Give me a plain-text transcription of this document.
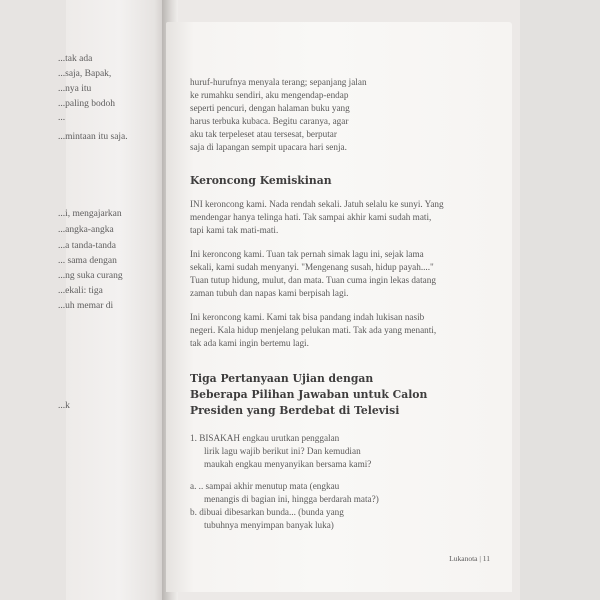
...tak ada
...saja, Bapak,
...nya itu
...paling bodoh
...
...mintaan itu saja.
...i, mengajarkan
...angka-angka
...a tanda-tanda
... sama dengan
...ng suka curang
...ekali: tiga
...uh memar di
...k
huruf-hurufnya menyala terang; sepanjang jalan
ke rumahku sendiri, aku mengendap-endap
seperti pencuri, dengan halaman buku yang
harus terbuka kubaca. Begitu caranya, agar
aku tak terpeleset atau tersesat, berputar
saja di lapangan sempit upacara hari senja.
Keroncong Kemiskinan
INI keroncong kami. Nada rendah sekali. Jatuh selalu ke sunyi. Yang
mendengar hanya telinga hati. Tak sampai akhir kami sudah mati,
tapi kami tak mati-mati.
Ini keroncong kami. Tuan tak pernah simak lagu ini, sejak lama
sekali, kami sudah menyanyi. "Mengenang susah, hidup payah...."
Tuan tutup hidung, mulut, dan mata. Tuan cuma ingin lekas datang
zaman tubuh dan napas kami berpisah lagi.
Ini keroncong kami. Kami tak bisa pandang indah lukisan nasib
negeri. Kala hidup menjelang pelukan mati. Tak ada yang menanti,
tak ada kami ingin bertemu lagi.
Tiga Pertanyaan Ujian dengan
Beberapa Pilihan Jawaban untuk Calon
Presiden yang Berdebat di Televisi
1. BISAKAH engkau urutkan penggalan
lirik lagu wajib berikut ini? Dan kemudian
maukah engkau menyanyikan bersama kami?
a. .. sampai akhir menutup mata (engkau
menangis di bagian ini, hingga berdarah mata?)
b. dibuai dibesarkan bunda... (bunda yang
tubuhnya menyimpan banyak luka)
Lukanota | 11
